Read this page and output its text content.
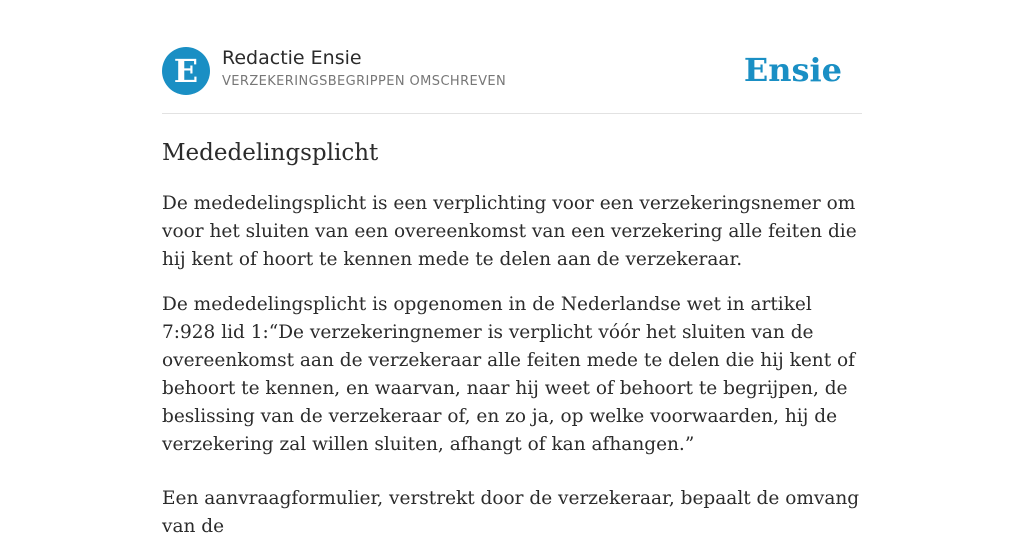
E	Redactie Ensie
VERZEKERINGSBEGRIPPEN OMSCHREVEN	Ensie
Mededelingsplicht

De mededelingsplicht is een verplichting voor een verzekeringsnemer om voor het sluiten van een overeenkomst van een verzekering alle feiten die hij kent of hoort te kennen mede te delen aan de verzekeraar.

De mededelingsplicht is opgenomen in de Nederlandse wet in artikel 7:928 lid 1:“De verzekeringnemer is verplicht vóór het sluiten van de overeenkomst aan de verzekeraar alle feiten mede te delen die hij kent of behoort te kennen, en waarvan, naar hij weet of behoort te begrijpen, de beslissing van de verzekeraar of, en zo ja, op welke voorwaarden, hij de verzekering zal willen sluiten, afhangt of kan afhangen.”

Een aanvraagformulier, verstrekt door de verzekeraar, bepaalt de omvang van de
